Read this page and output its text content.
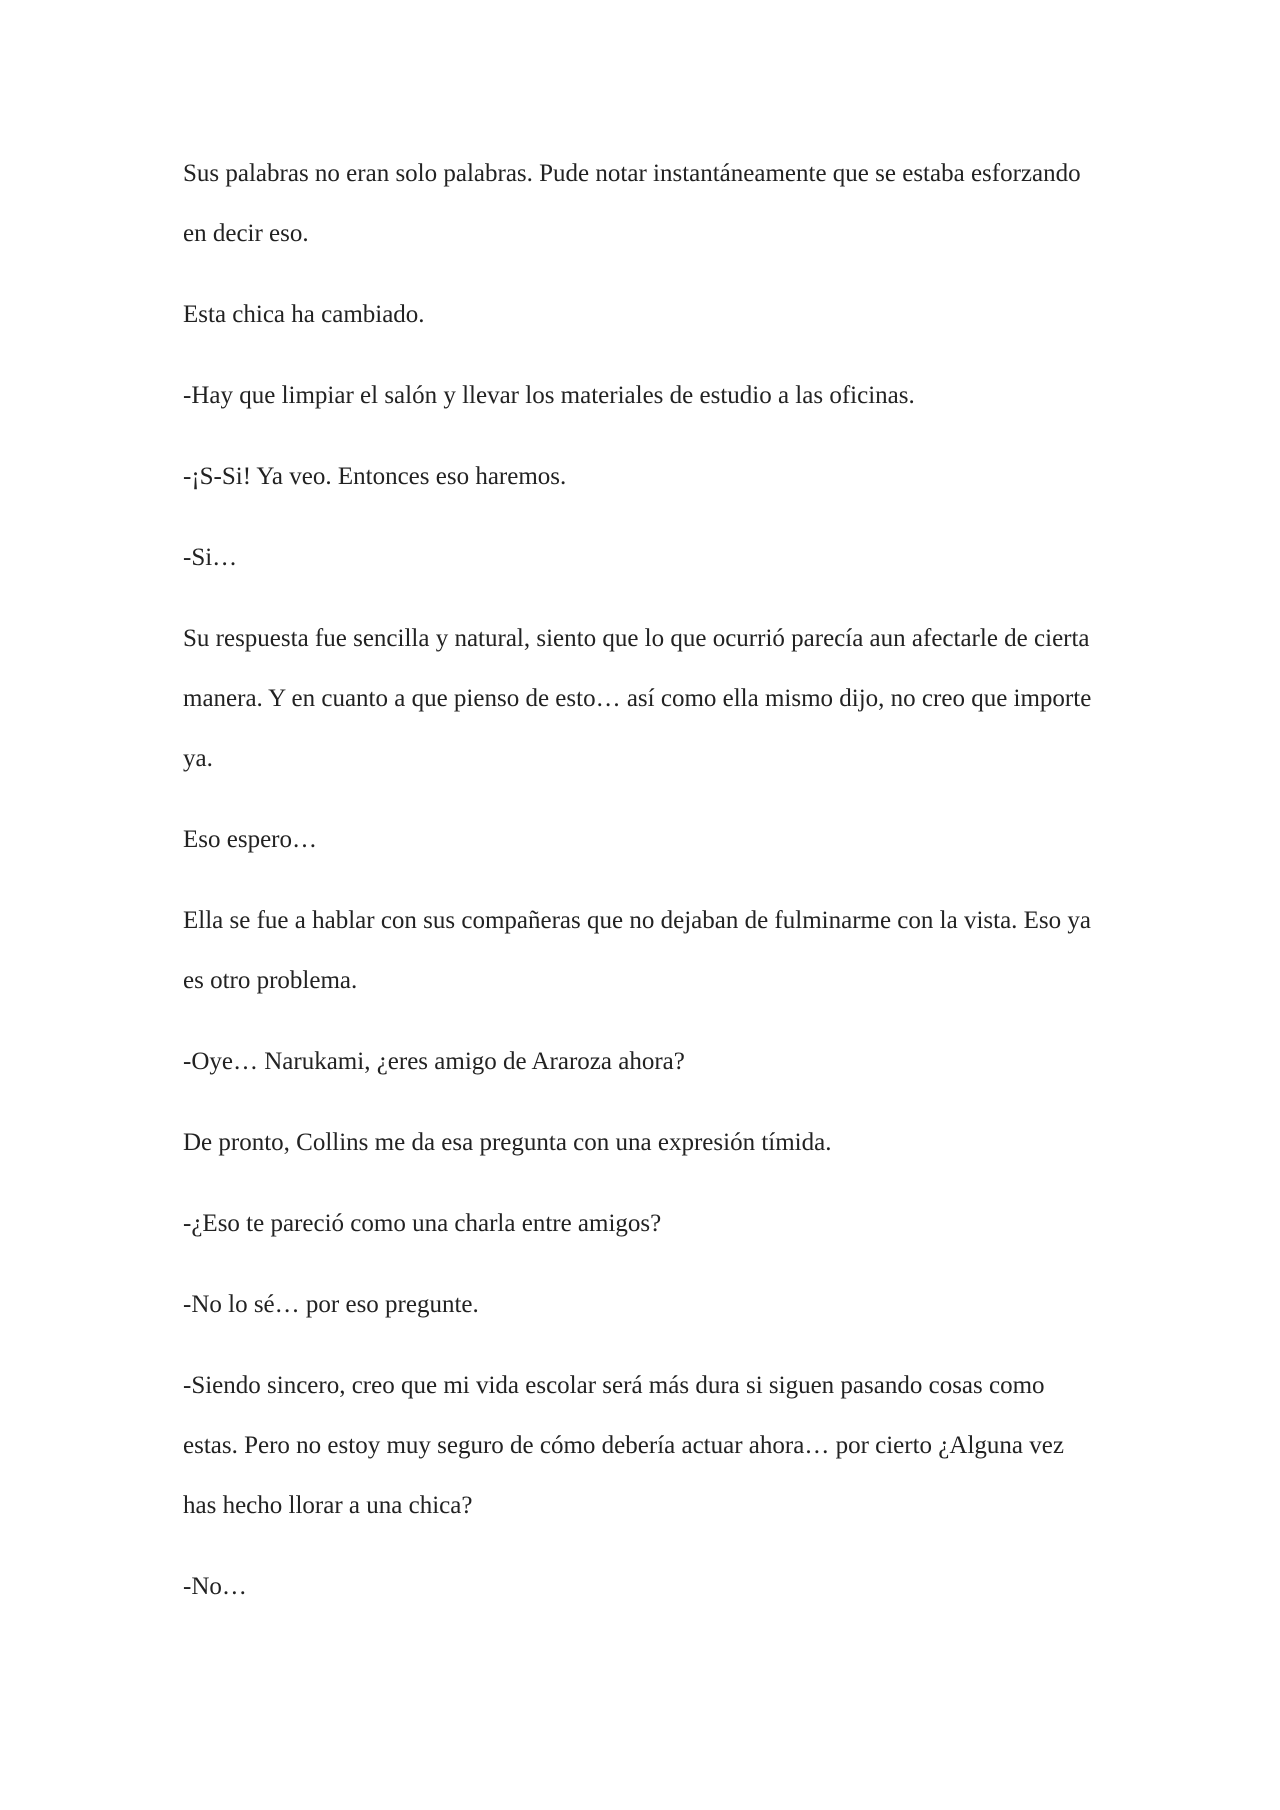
Sus palabras no eran solo palabras. Pude notar instantáneamente que se estaba esforzando en decir eso.

Esta chica ha cambiado.

-Hay que limpiar el salón y llevar los materiales de estudio a las oficinas.

-¡S-Si! Ya veo. Entonces eso haremos.

-Si…

Su respuesta fue sencilla y natural, siento que lo que ocurrió parecía aun afectarle de cierta manera. Y en cuanto a que pienso de esto… así como ella mismo dijo, no creo que importe ya.

Eso espero…

Ella se fue a hablar con sus compañeras que no dejaban de fulminarme con la vista. Eso ya es otro problema.

-Oye… Narukami, ¿eres amigo de Araroza ahora?

De pronto, Collins me da esa pregunta con una expresión tímida.

-¿Eso te pareció como una charla entre amigos?

-No lo sé… por eso pregunte.

-Siendo sincero, creo que mi vida escolar será más dura si siguen pasando cosas como estas. Pero no estoy muy seguro de cómo debería actuar ahora… por cierto ¿Alguna vez has hecho llorar a una chica?

-No…
